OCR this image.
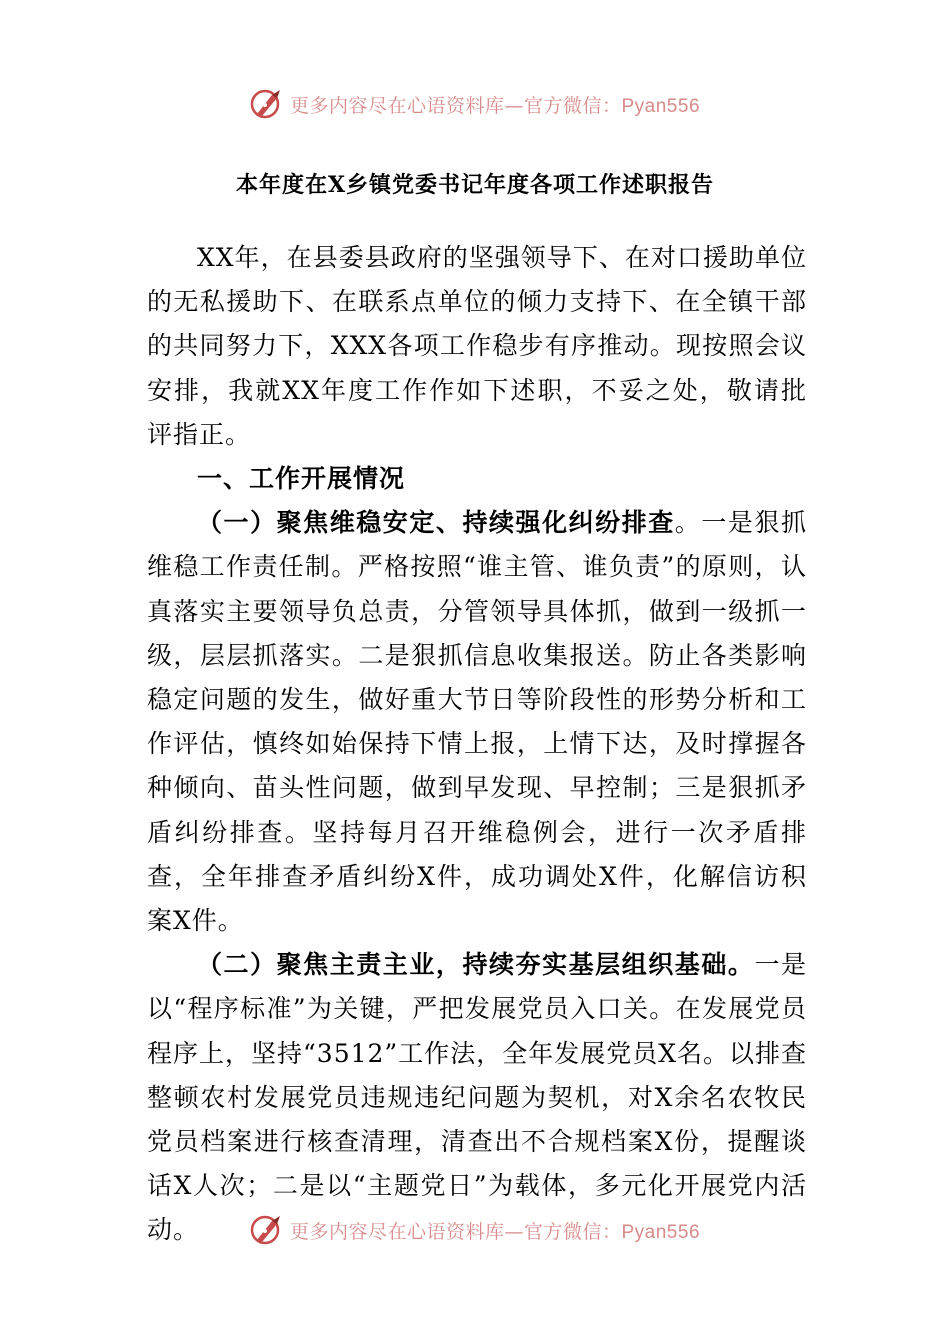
更多内容尽在心语资料库—官方微信：Pyan556
本年度在X乡镇党委书记年度各项工作述职报告

XX年，在县委县政府的坚强领导下、在对口援助单位的无私援助下、在联系点单位的倾力支持下、在全镇干部的共同努力下，XXX各项工作稳步有序推动。现按照会议安排，我就XX年度工作作如下述职，不妥之处，敬请批评指正。

一、工作开展情况

（一）聚焦维稳安定、持续强化纠纷排查。一是狠抓维稳工作责任制。严格按照“谁主管、谁负责”的原则，认真落实主要领导负总责，分管领导具体抓，做到一级抓一级，层层抓落实。二是狠抓信息收集报送。防止各类影响稳定问题的发生，做好重大节日等阶段性的形势分析和工作评估，慎终如始保持下情上报，上情下达，及时撑握各种倾向、苗头性问题，做到早发现、早控制；三是狠抓矛盾纠纷排查。坚持每月召开维稳例会，进行一次矛盾排查，全年排查矛盾纠纷X件，成功调处X件，化解信访积案X件。

（二）聚焦主责主业，持续夯实基层组织基础。一是以“程序标准”为关键，严把发展党员入口关。在发展党员程序上，坚持“3512”工作法，全年发展党员X名。以排查整顿农村发展党员违规违纪问题为契机，对X余名农牧民党员档案进行核查清理，清查出不合规档案X份，提醒谈话X人次；二是以“主题党日”为载体，多元化开展党内活动。	更多内容尽在心语资料库—官方微信：Pyan556
